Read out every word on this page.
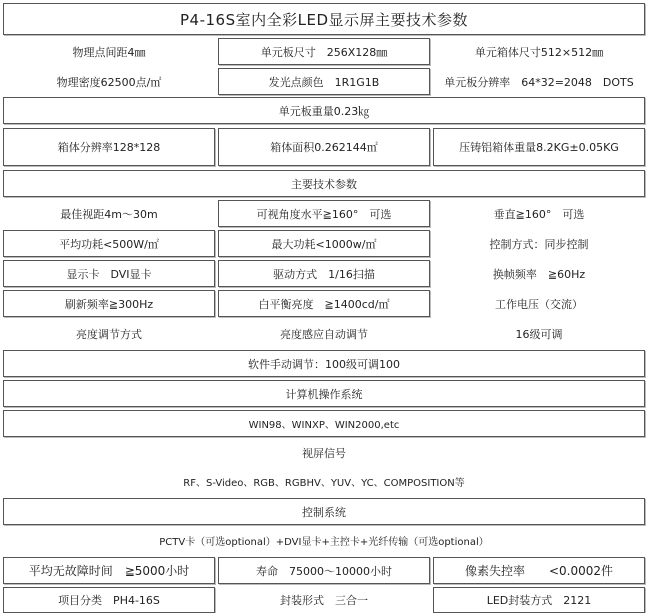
P4-16S室内全彩LED显示屏主要技术参数
物理点间距4㎜	单元板尺寸　256X128㎜	单元箱体尺寸512×512㎜
物理密度62500点/㎡	发光点颜色　1R1G1B	单元板分辨率　64*32=2048　DOTS
单元板重量0.23㎏
箱体分辨率128*128	箱体面积0.262144㎡	压铸铝箱体重量8.2KG±0.05KG
主要技术参数
最佳视距4m～30m	可视角度水平≧160°　可选	垂直≧160°　可选
平均功耗<500W/㎡	最大功耗<1000w/㎡	控制方式：同步控制
显示卡　DVI显卡	驱动方式　1/16扫描	换帧频率　≧60Hz
刷新频率≧300Hz	白平衡亮度　≧1400cd/㎡	工作电压（交流）
亮度调节方式	亮度感应自动调节	16级可调
软件手动调节：100级可调100
计算机操作系统
WIN98、WINXP、WIN2000,etc
视屏信号
RF、S-Video、RGB、RGBHV、YUV、YC、COMPOSITION等
控制系统
PCTV卡（可选optional）+DVI显卡+主控卡+光纤传输（可选optional）
平均无故障时间　≧5000小时	寿命　75000～10000小时	像素失控率　　<0.0002件
项目分类　PH4-16S	封装形式　三合一	LED封装方式　2121
